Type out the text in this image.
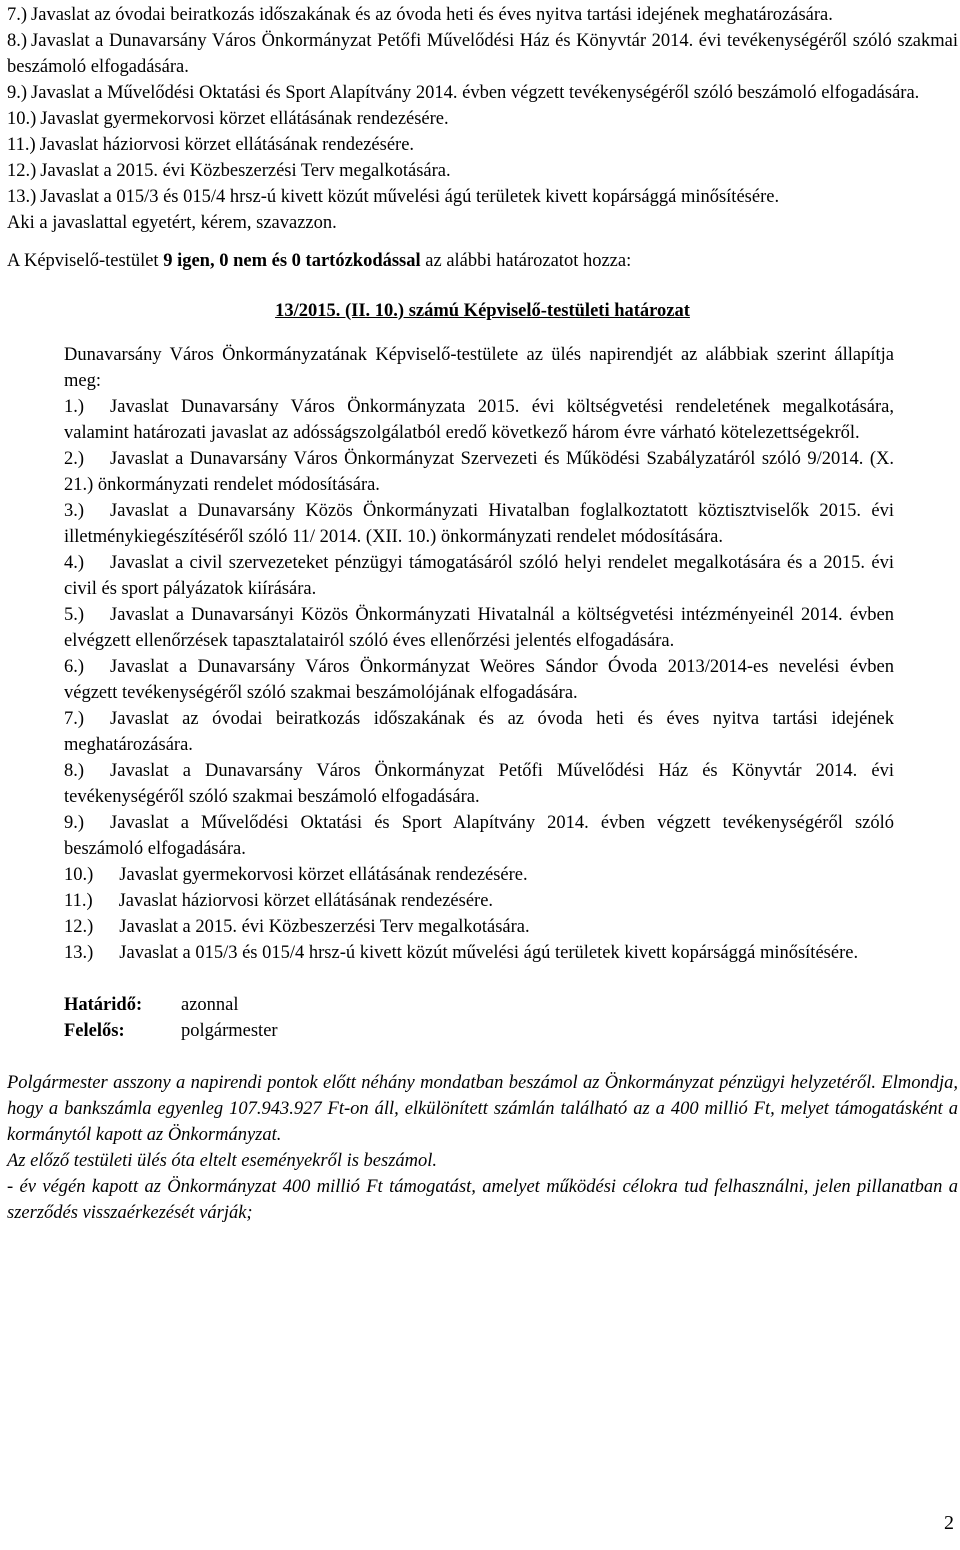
7.) Javaslat az óvodai beiratkozás időszakának és az óvoda heti és éves nyitva tartási idejének meghatározására.
8.) Javaslat a Dunavarsány Város Önkormányzat Petőfi Művelődési Ház és Könyvtár 2014. évi tevékenységéről szóló szakmai beszámoló elfogadására.
9.) Javaslat a Művelődési Oktatási és Sport Alapítvány 2014. évben végzett tevékenységéről szóló beszámoló elfogadására.
10.) Javaslat gyermekorvosi körzet ellátásának rendezésére.
11.) Javaslat háziorvosi körzet ellátásának rendezésére.
12.) Javaslat a 2015. évi Közbeszerzési Terv megalkotására.
13.) Javaslat a 015/3 és 015/4 hrsz-ú kivett közút művelési ágú területek kivett kopársággá minősítésére.
Aki a javaslattal egyetért, kérem, szavazzon.
A Képviselő-testület 9 igen, 0 nem és 0 tartózkodással az alábbi határozatot hozza:
13/2015. (II. 10.) számú Képviselő-testületi határozat

Dunavarsány Város Önkormányzatának Képviselő-testülete az ülés napirendjét az alábbiak szerint állapítja meg:

1.) Javaslat Dunavarsány Város Önkormányzata 2015. évi költségvetési rendeletének megalkotására, valamint határozati javaslat az adósságszolgálatból eredő következő három évre várható kötelezettségekről.
2.) Javaslat a Dunavarsány Város Önkormányzat Szervezeti és Működési Szabályzatáról szóló 9/2014. (X. 21.) önkormányzati rendelet módosítására.
3.) Javaslat a Dunavarsány Közös Önkormányzati Hivatalban foglalkoztatott köztisztviselők 2015. évi illetménykiegészítéséről szóló 11/ 2014. (XII. 10.) önkormányzati rendelet módosítására.
4.) Javaslat a civil szervezeteket pénzügyi támogatásáról szóló helyi rendelet megalkotására és a 2015. évi civil és sport pályázatok kiírására.
5.) Javaslat a Dunavarsányi Közös Önkormányzati Hivatalnál a költségvetési intézményeinél 2014. évben elvégzett ellenőrzések tapasztalatairól szóló éves ellenőrzési jelentés elfogadására.
6.) Javaslat a Dunavarsány Város Önkormányzat Weöres Sándor Óvoda 2013/2014-es nevelési évben végzett tevékenységéről szóló szakmai beszámolójának elfogadására.
7.) Javaslat az óvodai beiratkozás időszakának és az óvoda heti és éves nyitva tartási idejének meghatározására.
8.) Javaslat a Dunavarsány Város Önkormányzat Petőfi Művelődési Ház és Könyvtár 2014. évi tevékenységéről szóló szakmai beszámoló elfogadására.
9.) Javaslat a Művelődési Oktatási és Sport Alapítvány 2014. évben végzett tevékenységéről szóló beszámoló elfogadására.
10.) Javaslat gyermekorvosi körzet ellátásának rendezésére.
11.) Javaslat háziorvosi körzet ellátásának rendezésére.
12.) Javaslat a 2015. évi Közbeszerzési Terv megalkotására.
13.) Javaslat a 015/3 és 015/4 hrsz-ú kivett közút művelési ágú területek kivett kopársággá minősítésére.
Határidő:	azonnal
Felelős:	polgármester

Polgármester asszony a napirendi pontok előtt néhány mondatban beszámol az Önkormányzat pénzügyi helyzetéről. Elmondja, hogy a bankszámla egyenleg 107.943.927 Ft-on áll, elkülönített számlán található az a 400 millió Ft, melyet támogatásként a kormánytól kapott az Önkormányzat.

Az előző testületi ülés óta eltelt eseményekről is beszámol.

- év végén kapott az Önkormányzat 400 millió Ft támogatást, amelyet működési célokra tud felhasználni, jelen pillanatban a szerződés visszaérkezését várják;

2
